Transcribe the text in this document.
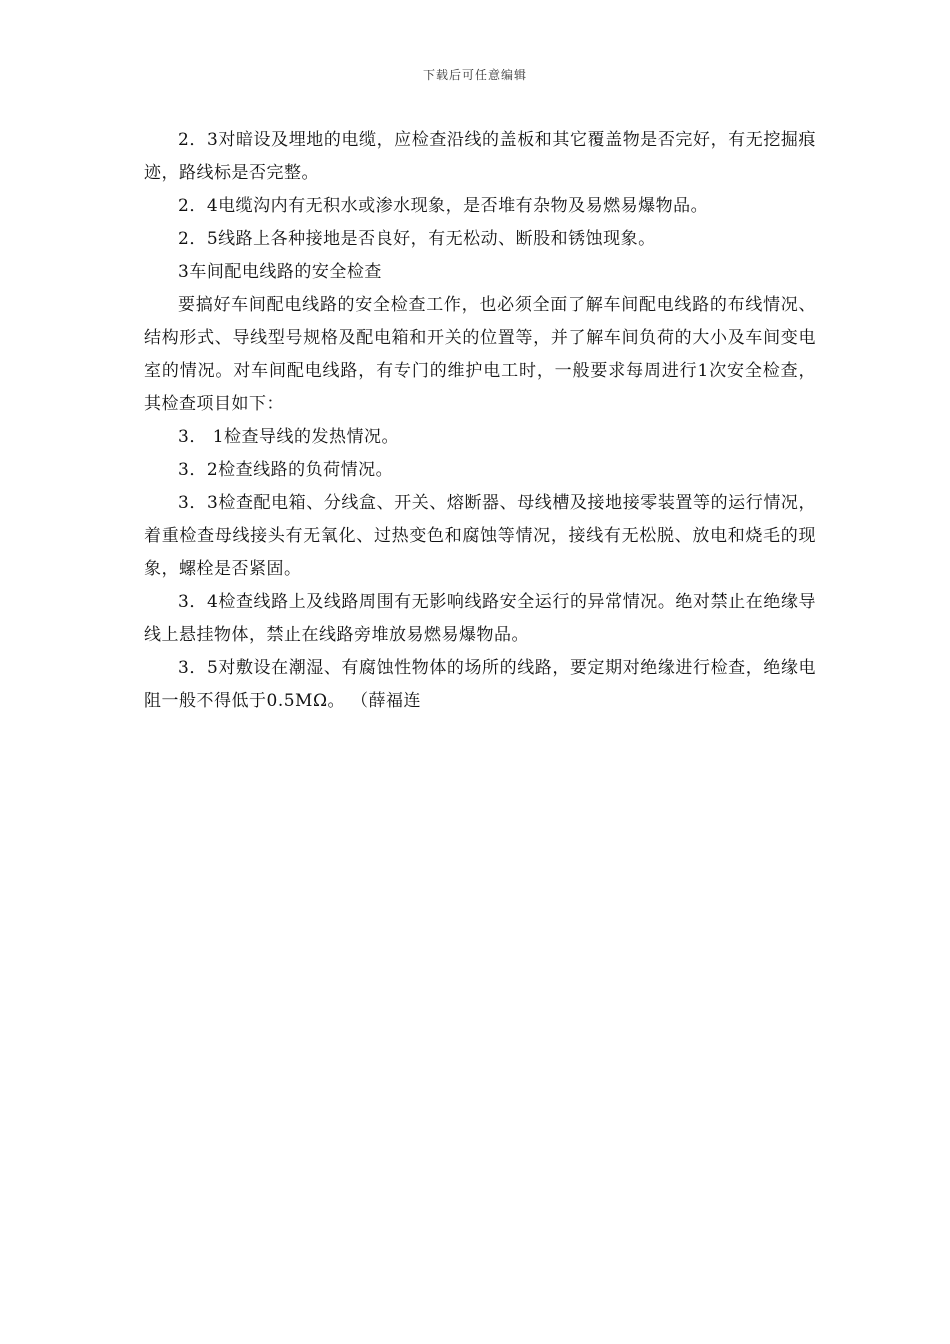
下载后可任意编辑

2．3对暗设及埋地的电缆，应检查沿线的盖板和其它覆盖物是否完好，有无挖掘痕迹，路线标是否完整。

2．4电缆沟内有无积水或渗水现象，是否堆有杂物及易燃易爆物品。

2．5线路上各种接地是否良好，有无松动、断股和锈蚀现象。

3车间配电线路的安全检查

要搞好车间配电线路的安全检查工作，也必须全面了解车间配电线路的布线情况、结构形式、导线型号规格及配电箱和开关的位置等，并了解车间负荷的大小及车间变电室的情况。对车间配电线路，有专门的维护电工时，一般要求每周进行1次安全检查，其检查项目如下：

3． 1检查导线的发热情况。

3．2检查线路的负荷情况。

3．3检查配电箱、分线盒、开关、熔断器、母线槽及接地接零装置等的运行情况，着重检查母线接头有无氧化、过热变色和腐蚀等情况，接线有无松脱、放电和烧毛的现象，螺栓是否紧固。

3．4检查线路上及线路周围有无影响线路安全运行的异常情况。绝对禁止在绝缘导线上悬挂物体，禁止在线路旁堆放易燃易爆物品。

3．5对敷设在潮湿、有腐蚀性物体的场所的线路，要定期对绝缘进行检查，绝缘电阻一般不得低于0.5MΩ。 （薛福连
